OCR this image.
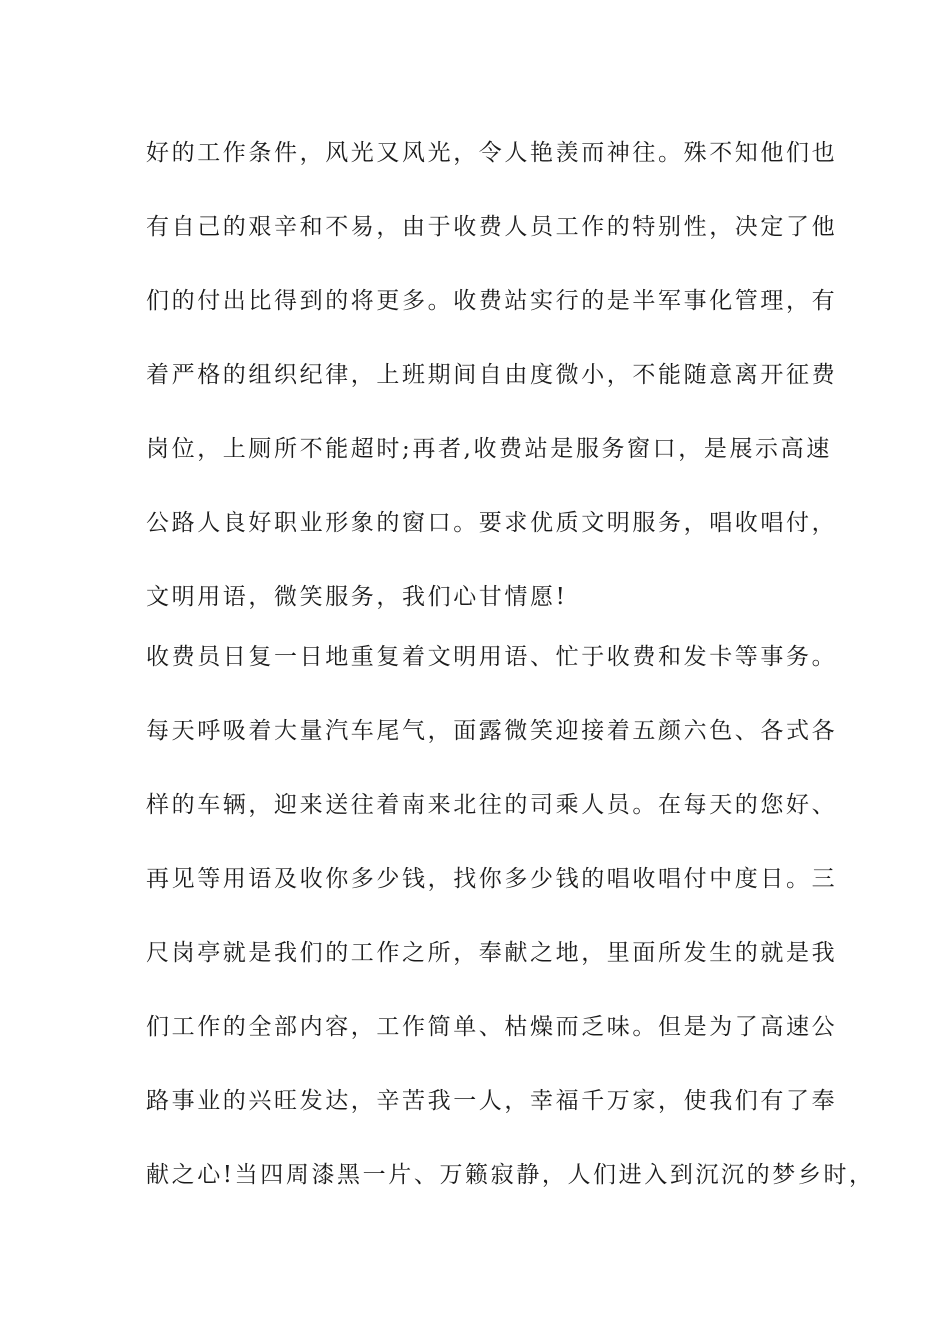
好的工作条件，风光又风光，令人艳羡而神往。殊不知他们也
有自己的艰辛和不易，由于收费人员工作的特别性，决定了他
们的付出比得到的将更多。收费站实行的是半军事化管理，有
着严格的组织纪律，上班期间自由度微小，不能随意离开征费
岗位，上厕所不能超时;再者,收费站是服务窗口，是展示高速
公路人良好职业形象的窗口。要求优质文明服务，唱收唱付，
文明用语，微笑服务，我们心甘情愿!
收费员日复一日地重复着文明用语、忙于收费和发卡等事务。
每天呼吸着大量汽车尾气，面露微笑迎接着五颜六色、各式各
样的车辆，迎来送往着南来北往的司乘人员。在每天的您好、
再见等用语及收你多少钱，找你多少钱的唱收唱付中度日。三
尺岗亭就是我们的工作之所，奉献之地，里面所发生的就是我
们工作的全部内容，工作简单、枯燥而乏味。但是为了高速公
路事业的兴旺发达，辛苦我一人，幸福千万家，使我们有了奉
献之心!当四周漆黑一片、万籁寂静，人们进入到沉沉的梦乡时，
